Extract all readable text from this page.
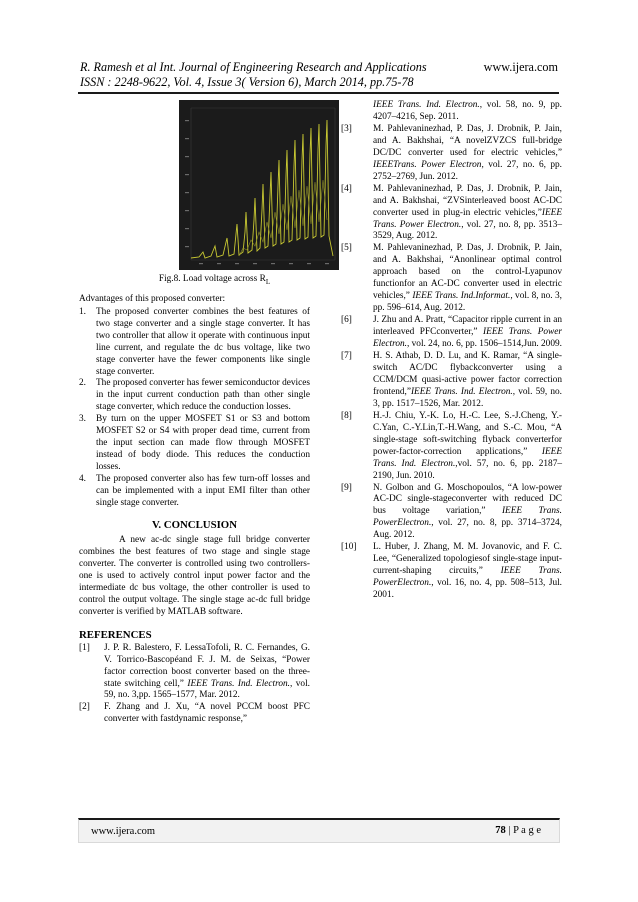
R. Ramesh et al Int. Journal of Engineering Research and Applications
ISSN : 2248-9622, Vol. 4, Issue 3( Version 6), March 2014, pp.75-78
www.ijera.com
Fig.8. Load voltage across $R_L$

Advantages of this proposed converter:

1.	The proposed converter combines the best features of two stage converter and a single stage converter. It has two controller that allow it operate with continuous input line current, and regulate the dc bus voltage, like two stage converter have the fewer components like single stage converter.
2.	The proposed converter has fewer semiconductor devices in the input current conduction path than other single stage converter, which reduce the conduction losses.
3.	By turn on the upper MOSFET S1 or S3 and bottom MOSFET S2 or S4 with proper dead time, current from the input section can made flow through MOSFET instead of body diode. This reduces the conduction losses.
4.	The proposed converter also has few turn-off losses and can be implemented with a input EMI filter than other single stage converter.
V. CONCLUSION

A new ac-dc single stage full bridge converter combines the best features of two stage and single stage converter. The converter is controlled using two controllers- one is used to actively control input power factor and the intermediate dc bus voltage, the other controller is used to control the output voltage. The single stage ac-dc full bridge converter is verified by MATLAB software.

REFERENCES
[1]	J. P. R. Balestero, F. LessaTofoli, R. C. Fernandes, G. V. Torrico-Bascopéand F. J. M. de Seixas, “Power factor correction boost converter based on the three-state switching cell,” IEEE Trans. Ind. Electron., vol. 59, no. 3,pp. 1565–1577, Mar. 2012.
[2]	F. Zhang and J. Xu, “A novel PCCM boost PFC converter with fastdynamic response,”
IEEE Trans. Ind. Electron., vol. 58, no. 9, pp. 4207–4216, Sep. 2011.
[3]	M. Pahlevaninezhad, P. Das, J. Drobnik, P. Jain, and A. Bakhshai, “A novelZVZCS full-bridge DC/DC converter used for electric vehicles,” IEEETrans. Power Electron, vol. 27, no. 6, pp. 2752–2769, Jun. 2012.
[4]	M. Pahlevaninezhad, P. Das, J. Drobnik, P. Jain, and A. Bakhshai, “ZVSinterleaved boost AC-DC converter used in plug-in electric vehicles,”IEEE Trans. Power Electron., vol. 27, no. 8, pp. 3513–3529, Aug. 2012.
[5]	M. Pahlevaninezhad, P. Das, J. Drobnik, P. Jain, and A. Bakhshai, “Anonlinear optimal control approach based on the control-Lyapunov functionfor an AC-DC converter used in electric vehicles,” IEEE Trans. Ind.Informat., vol. 8, no. 3, pp. 596–614, Aug. 2012.
[6]	J. Zhu and A. Pratt, “Capacitor ripple current in an interleaved PFCconverter,” IEEE Trans. Power Electron., vol. 24, no. 6, pp. 1506–1514,Jun. 2009.
[7]	H. S. Athab, D. D. Lu, and K. Ramar, “A single-switch AC/DC flybackconverter using a CCM/DCM quasi-active power factor correction frontend,”IEEE Trans. Ind. Electron., vol. 59, no. 3, pp. 1517–1526, Mar. 2012.
[8]	H.-J. Chiu, Y.-K. Lo, H.-C. Lee, S.-J.Cheng, Y.-C.Yan, C.-Y.Lin,T.-H.Wang, and S.-C. Mou, “A single-stage soft-switching flyback converterfor power-factor-correction applications,” IEEE Trans. Ind. Electron.,vol. 57, no. 6, pp. 2187–2190, Jun. 2010.
[9]	N. Golbon and G. Moschopoulos, “A low-power AC-DC single-stageconverter with reduced DC bus voltage variation,” IEEE Trans. PowerElectron., vol. 27, no. 8, pp. 3714–3724, Aug. 2012.
[10]	L. Huber, J. Zhang, M. M. Jovanovic, and F. C. Lee, “Generalized topologiesof single-stage input-current-shaping circuits,” IEEE Trans. PowerElectron., vol. 16, no. 4, pp. 508–513, Jul. 2001.
www.ijera.com	78 | P a g e
